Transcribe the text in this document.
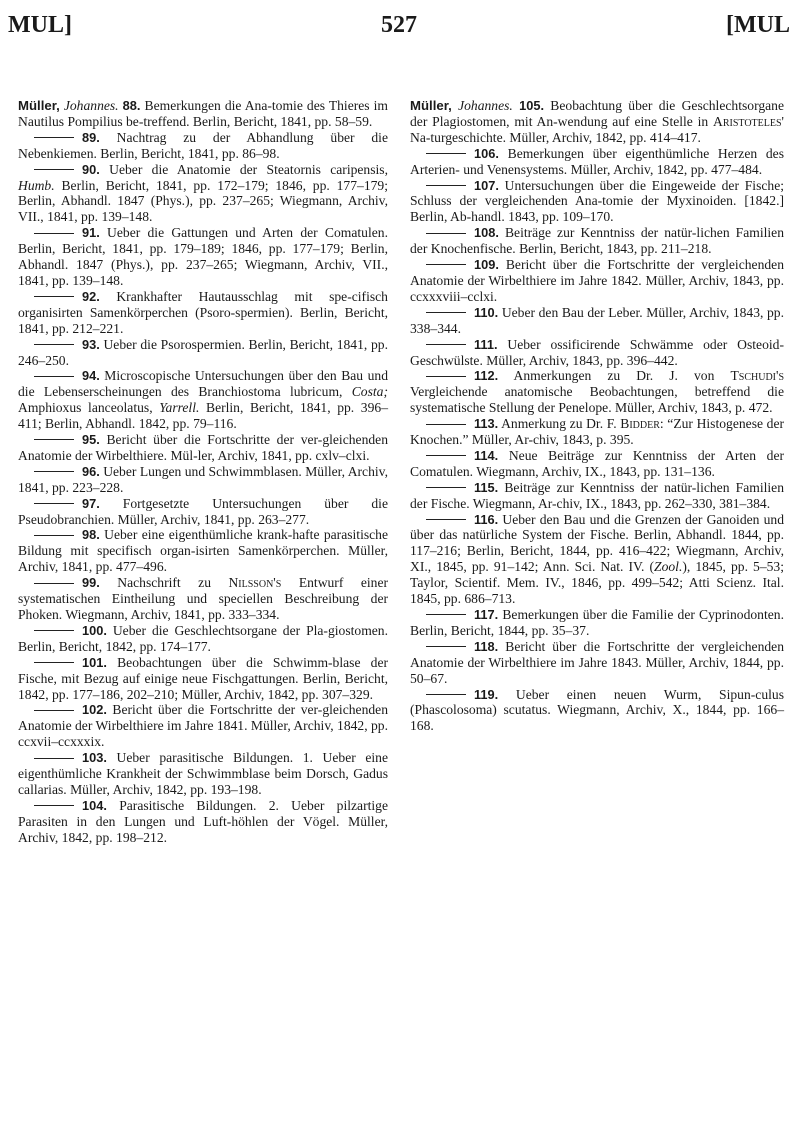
MUL]	527	[MUL

Müller, Johannes. 88. Bemerkungen die Ana-tomie des Thieres im Nautilus Pompilius be-treffend. Berlin, Bericht, 1841, pp. 58–59.

89. Nachtrag zu der Abhandlung über die Nebenkiemen. Berlin, Bericht, 1841, pp. 86–98.

90. Ueber die Anatomie der Steatornis caripensis, Humb. Berlin, Bericht, 1841, pp. 172–179; 1846, pp. 177–179; Berlin, Abhandl. 1847 (Phys.), pp. 237–265; Wiegmann, Archiv, VII., 1841, pp. 139–148.

91. Ueber die Gattungen und Arten der Comatulen. Berlin, Bericht, 1841, pp. 179–189; 1846, pp. 177–179; Berlin, Abhandl. 1847 (Phys.), pp. 237–265; Wiegmann, Archiv, VII., 1841, pp. 139–148.

92. Krankhafter Hautausschlag mit spe-cifisch organisirten Samenkörperchen (Psoro-spermien). Berlin, Bericht, 1841, pp. 212–221.

93. Ueber die Psorospermien. Berlin, Bericht, 1841, pp. 246–250.

94. Microscopische Untersuchungen über den Bau und die Lebenserscheinungen des Branchiostoma lubricum, Costa; Amphioxus lanceolatus, Yarrell. Berlin, Bericht, 1841, pp. 396–411; Berlin, Abhandl. 1842, pp. 79–116.

95. Bericht über die Fortschritte der ver-gleichenden Anatomie der Wirbelthiere. Mül-ler, Archiv, 1841, pp. cxlv–clxi.

96. Ueber Lungen und Schwimmblasen. Müller, Archiv, 1841, pp. 223–228.

97. Fortgesetzte Untersuchungen über die Pseudobranchien. Müller, Archiv, 1841, pp. 263–277.

98. Ueber eine eigenthümliche krank-hafte parasitische Bildung mit specifisch organ-isirten Samenkörperchen. Müller, Archiv, 1841, pp. 477–496.

99. Nachschrift zu Nilsson's Entwurf einer systematischen Eintheilung und speciellen Beschreibung der Phoken. Wiegmann, Archiv, 1841, pp. 333–334.

100. Ueber die Geschlechtsorgane der Pla-giostomen. Berlin, Bericht, 1842, pp. 174–177.

101. Beobachtungen über die Schwimm-blase der Fische, mit Bezug auf einige neue Fischgattungen. Berlin, Bericht, 1842, pp. 177–186, 202–210; Müller, Archiv, 1842, pp. 307–329.

102. Bericht über die Fortschritte der ver-gleichenden Anatomie der Wirbelthiere im Jahre 1841. Müller, Archiv, 1842, pp. ccxvii–ccxxxix.

103. Ueber parasitische Bildungen. 1. Ueber eine eigenthümliche Krankheit der Schwimmblase beim Dorsch, Gadus callarias. Müller, Archiv, 1842, pp. 193–198.

104. Parasitische Bildungen. 2. Ueber pilzartige Parasiten in den Lungen und Luft-höhlen der Vögel. Müller, Archiv, 1842, pp. 198–212.

Müller, Johannes. 105. Beobachtung über die Geschlechtsorgane der Plagiostomen, mit An-wendung auf eine Stelle in Aristoteles' Na-turgeschichte. Müller, Archiv, 1842, pp. 414–417.

106. Bemerkungen über eigenthümliche Herzen des Arterien- und Venensystems. Müller, Archiv, 1842, pp. 477–484.

107. Untersuchungen über die Eingeweide der Fische; Schluss der vergleichenden Ana-tomie der Myxinoiden. [1842.] Berlin, Ab-handl. 1843, pp. 109–170.

108. Beiträge zur Kenntniss der natür-lichen Familien der Knochenfische. Berlin, Bericht, 1843, pp. 211–218.

109. Bericht über die Fortschritte der vergleichenden Anatomie der Wirbelthiere im Jahre 1842. Müller, Archiv, 1843, pp. ccxxxviii–cclxi.

110. Ueber den Bau der Leber. Müller, Archiv, 1843, pp. 338–344.

111. Ueber ossificirende Schwämme oder Osteoid-Geschwülste. Müller, Archiv, 1843, pp. 396–442.

112. Anmerkungen zu Dr. J. von Tschudi's Vergleichende anatomische Beobachtungen, betreffend die systematische Stellung der Penelope. Müller, Archiv, 1843, p. 472.

113. Anmerkung zu Dr. F. Bidder: “Zur Histogenese der Knochen.” Müller, Ar-chiv, 1843, p. 395.

114. Neue Beiträge zur Kenntniss der Arten der Comatulen. Wiegmann, Archiv, IX., 1843, pp. 131–136.

115. Beiträge zur Kenntniss der natür-lichen Familien der Fische. Wiegmann, Ar-chiv, IX., 1843, pp. 262–330, 381–384.

116. Ueber den Bau und die Grenzen der Ganoiden und über das natürliche System der Fische. Berlin, Abhandl. 1844, pp. 117–216; Berlin, Bericht, 1844, pp. 416–422; Wiegmann, Archiv, XI., 1845, pp. 91–142; Ann. Sci. Nat. IV. (Zool.), 1845, pp. 5–53; Taylor, Scientif. Mem. IV., 1846, pp. 499–542; Atti Scienz. Ital. 1845, pp. 686–713.

117. Bemerkungen über die Familie der Cyprinodonten. Berlin, Bericht, 1844, pp. 35–37.

118. Bericht über die Fortschritte der vergleichenden Anatomie der Wirbelthiere im Jahre 1843. Müller, Archiv, 1844, pp. 50–67.

119. Ueber einen neuen Wurm, Sipun-culus (Phascolosoma) scutatus. Wiegmann, Archiv, X., 1844, pp. 166–168.
